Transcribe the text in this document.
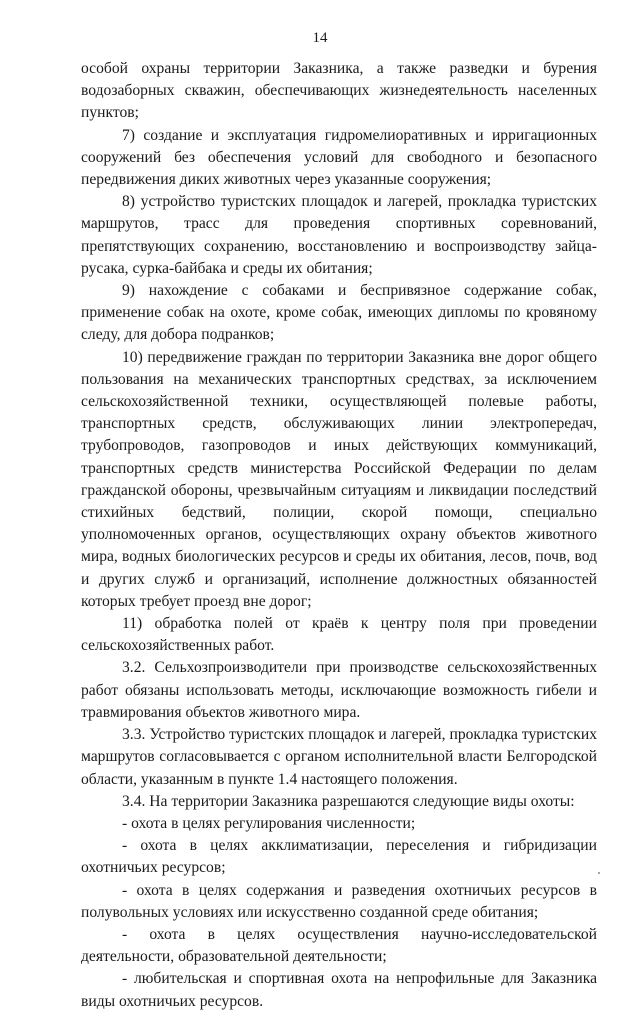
14

особой охраны территории Заказника, а также разведки и бурения водозаборных скважин, обеспечивающих жизнедеятельность населенных пунктов;

7) создание и эксплуатация гидромелиоративных и ирригационных сооружений без обеспечения условий для свободного и безопасного передвижения диких животных через указанные сооружения;

8) устройство туристских площадок и лагерей, прокладка туристских маршрутов, трасс для проведения спортивных соревнований, препятствующих сохранению, восстановлению и воспроизводству зайца-русака, сурка-байбака и среды их обитания;

9) нахождение с собаками и беспривязное содержание собак, применение собак на охоте, кроме собак, имеющих дипломы по кровяному следу, для добора подранков;

10) передвижение граждан по территории Заказника вне дорог общего пользования на механических транспортных средствах, за исключением сельскохозяйственной техники, осуществляющей полевые работы, транспортных средств, обслуживающих линии электропередач, трубопроводов, газопроводов и иных действующих коммуникаций, транспортных средств министерства Российской Федерации по делам гражданской обороны, чрезвычайным ситуациям и ликвидации последствий стихийных бедствий, полиции, скорой помощи, специально уполномоченных органов, осуществляющих охрану объектов животного мира, водных биологических ресурсов и среды их обитания, лесов, почв, вод и других служб и организаций, исполнение должностных обязанностей которых требует проезд вне дорог;

11) обработка полей от краёв к центру поля при проведении сельскохозяйственных работ.

3.2. Сельхозпроизводители при производстве сельскохозяйственных работ обязаны использовать методы, исключающие возможность гибели и травмирования объектов животного мира.

3.3. Устройство туристских площадок и лагерей, прокладка туристских маршрутов согласовывается с органом исполнительной власти Белгородской области, указанным в пункте 1.4 настоящего положения.

3.4. На территории Заказника разрешаются следующие виды охоты:

- охота в целях регулирования численности;

- охота в целях акклиматизации, переселения и гибридизации охотничьих ресурсов;

- охота в целях содержания и разведения охотничьих ресурсов в полувольных условиях или искусственно созданной среде обитания;

- охота в целях осуществления научно-исследовательской деятельности, образовательной деятельности;

- любительская и спортивная охота на непрофильные для Заказника виды охотничьих ресурсов.
